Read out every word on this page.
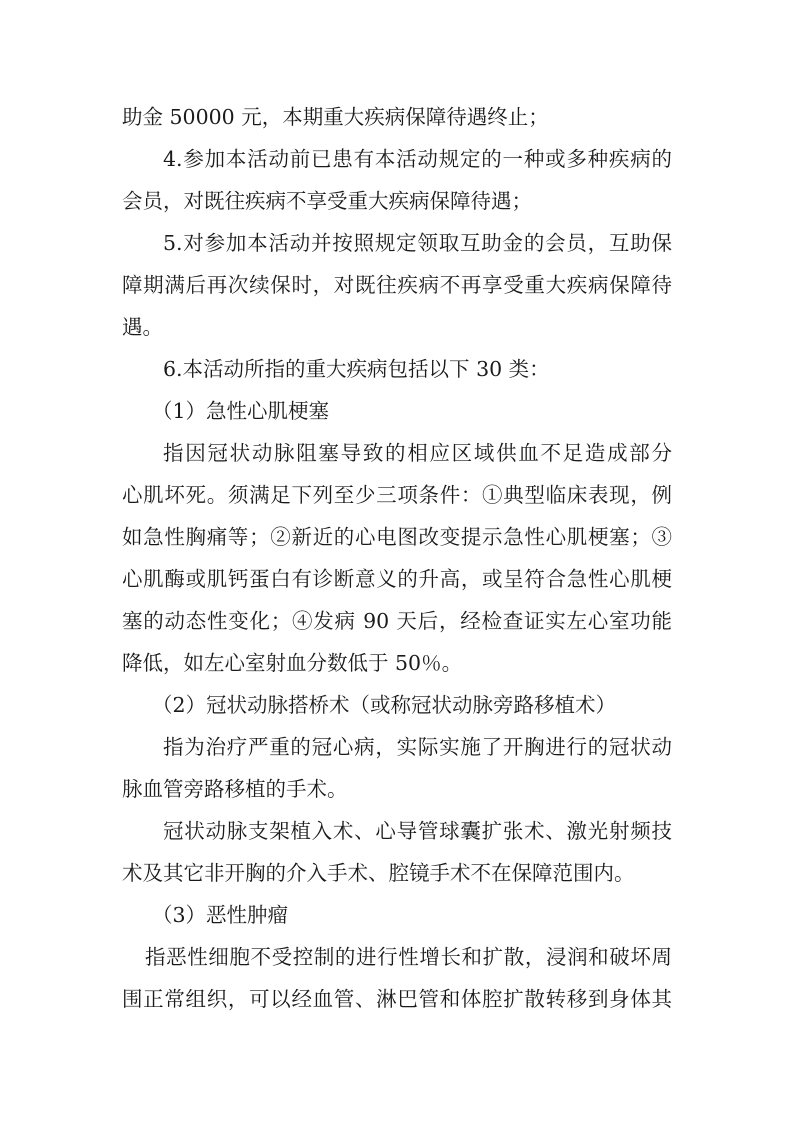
助金 50000 元，本期重大疾病保障待遇终止；
4.参加本活动前已患有本活动规定的一种或多种疾病的
会员，对既往疾病不享受重大疾病保障待遇；
5.对参加本活动并按照规定领取互助金的会员，互助保
障期满后再次续保时，对既往疾病不再享受重大疾病保障待
遇。
6.本活动所指的重大疾病包括以下 30 类：
（1）急性心肌梗塞
指因冠状动脉阻塞导致的相应区域供血不足造成部分
心肌坏死。须满足下列至少三项条件：①典型临床表现，例
如急性胸痛等；②新近的心电图改变提示急性心肌梗塞；③
心肌酶或肌钙蛋白有诊断意义的升高，或呈符合急性心肌梗
塞的动态性变化；④发病 90 天后，经检查证实左心室功能
降低，如左心室射血分数低于 50％。
（2）冠状动脉搭桥术（或称冠状动脉旁路移植术）
指为治疗严重的冠心病，实际实施了开胸进行的冠状动
脉血管旁路移植的手术。
冠状动脉支架植入术、心导管球囊扩张术、激光射频技
术及其它非开胸的介入手术、腔镜手术不在保障范围内。
（3）恶性肿瘤
指恶性细胞不受控制的进行性增长和扩散，浸润和破坏周
围正常组织，可以经血管、淋巴管和体腔扩散转移到身体其
